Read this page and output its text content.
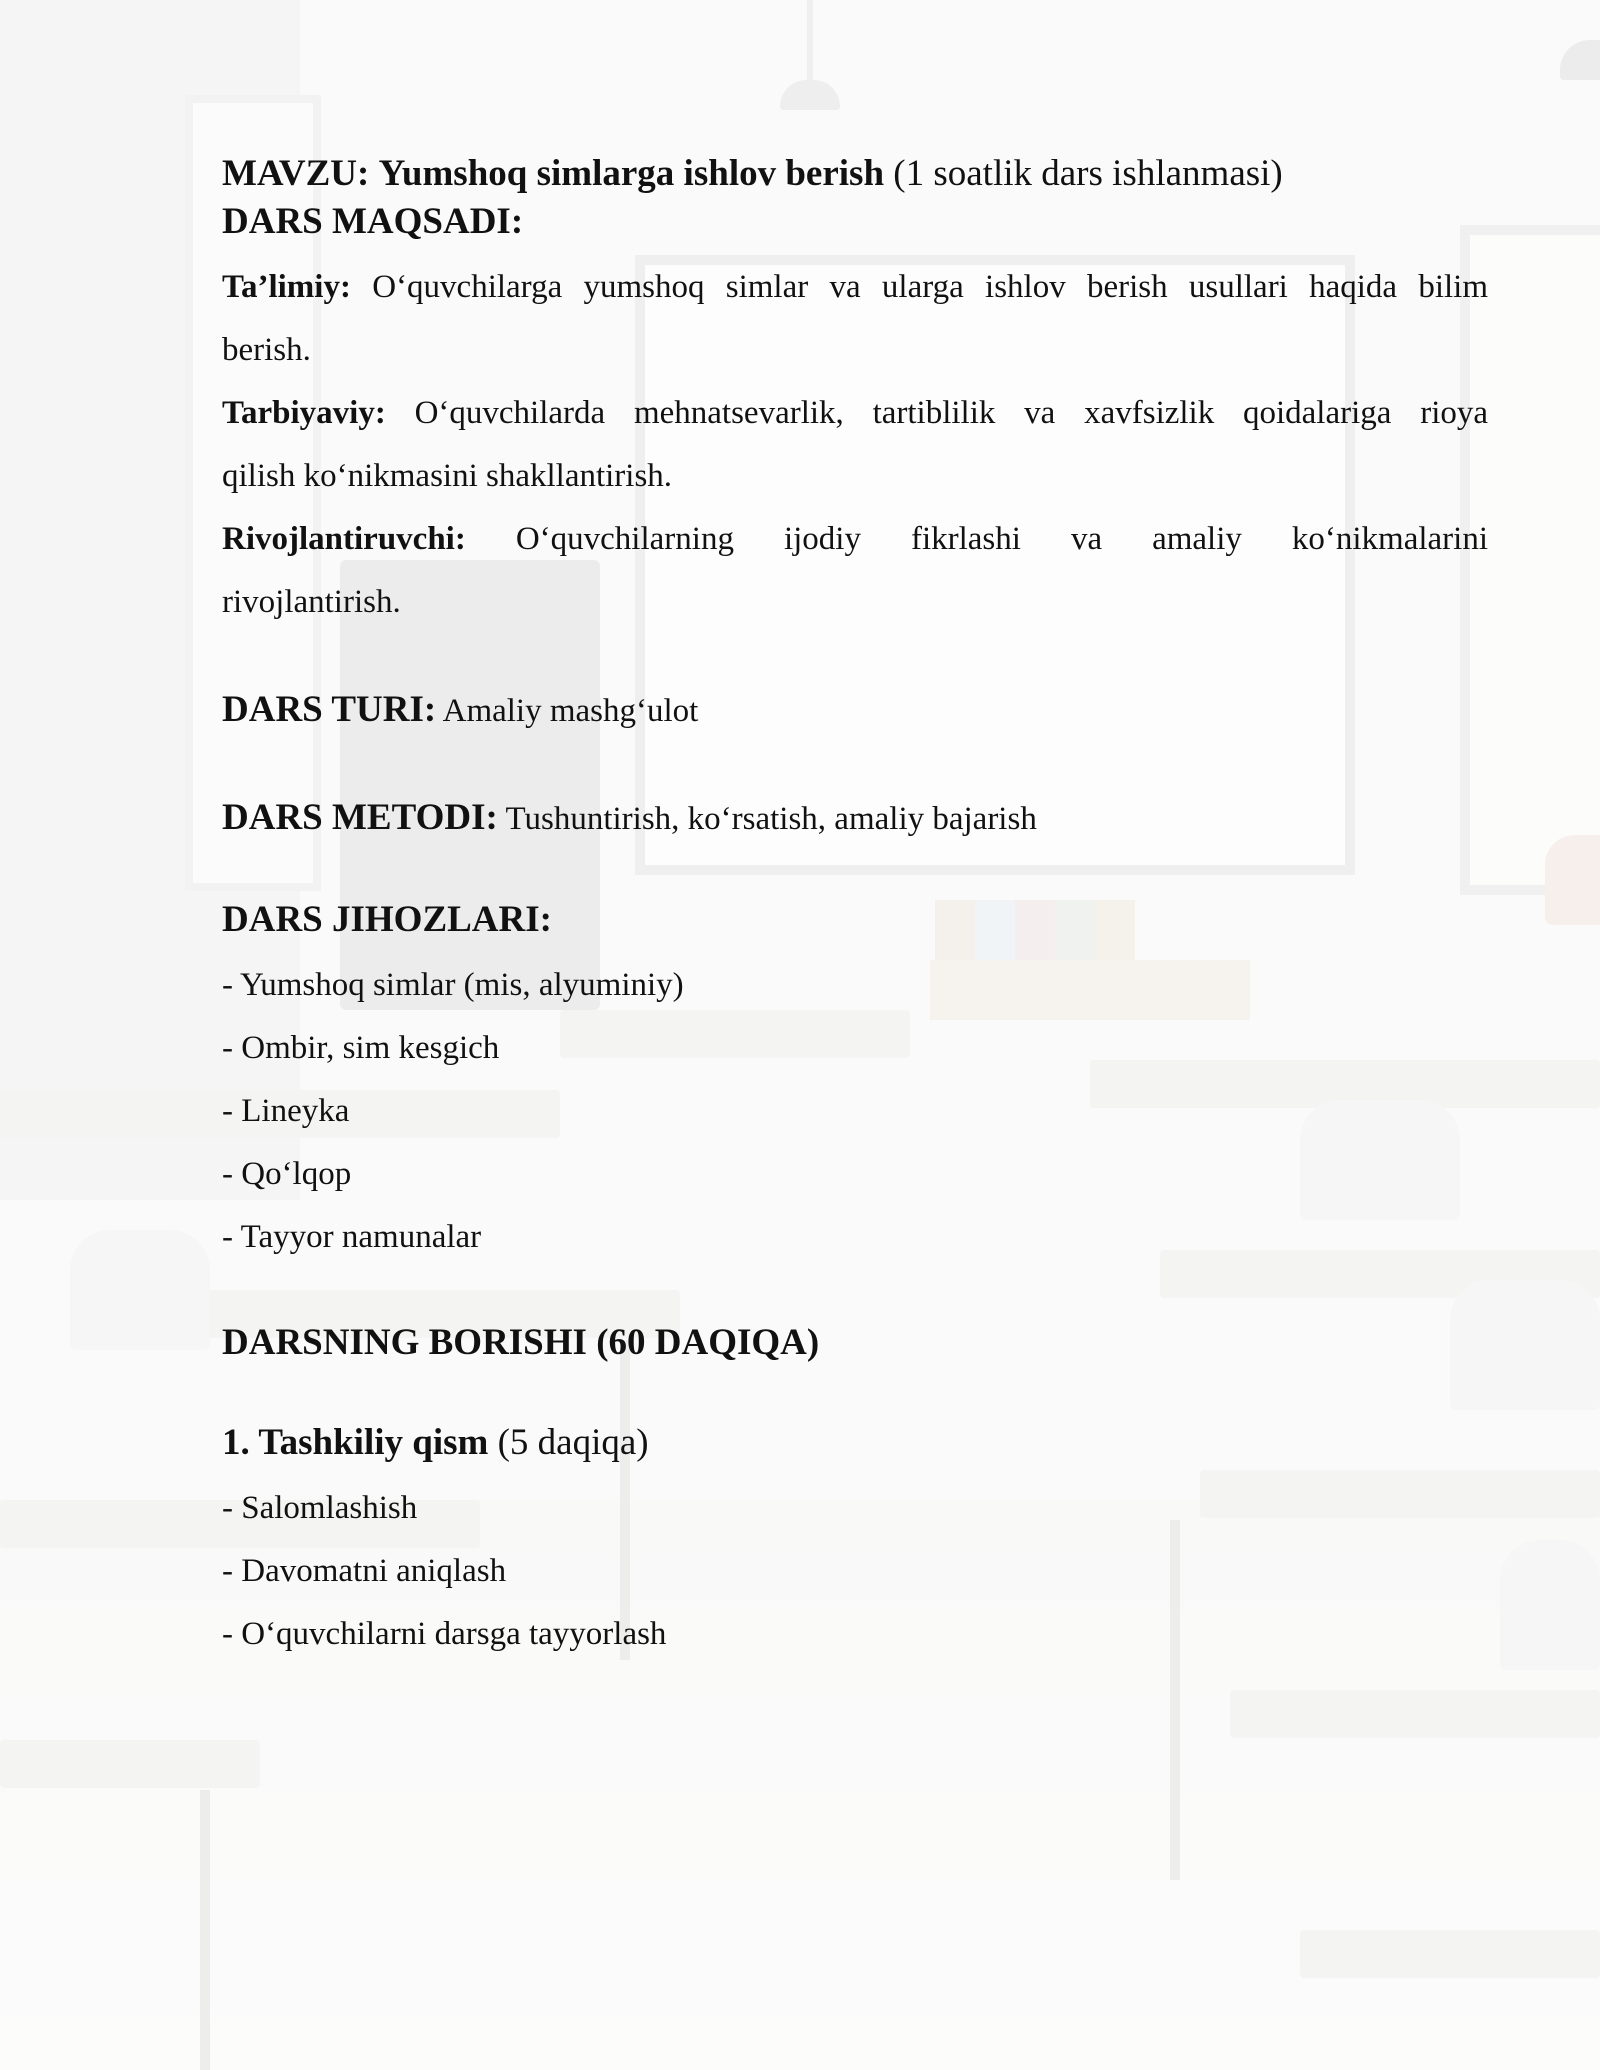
MAVZU: Yumshoq simlarga ishlov berish (1 soatlik dars ishlanmasi)

DARS MAQSADI:

Ta’limiy: O‘quvchilarga yumshoq simlar va ularga ishlov berish usullari haqida bilim

berish.

Tarbiyaviy: O‘quvchilarda mehnatsevarlik, tartiblilik va xavfsizlik qoidalariga rioya

qilish ko‘nikmasini shakllantirish.

Rivojlantiruvchi: O‘quvchilarning ijodiy fikrlashi va amaliy ko‘nikmalarini

rivojlantirish.

DARS TURI: Amaliy mashg‘ulot

DARS METODI: Tushuntirish, ko‘rsatish, amaliy bajarish

DARS JIHOZLARI:

- Yumshoq simlar (mis, alyuminiy)

- Ombir, sim kesgich

- Lineyka

- Qo‘lqop

- Tayyor namunalar

DARSNING BORISHI (60 DAQIQA)

1. Tashkiliy qism (5 daqiqa)

- Salomlashish

- Davomatni aniqlash

- O‘quvchilarni darsga tayyorlash
